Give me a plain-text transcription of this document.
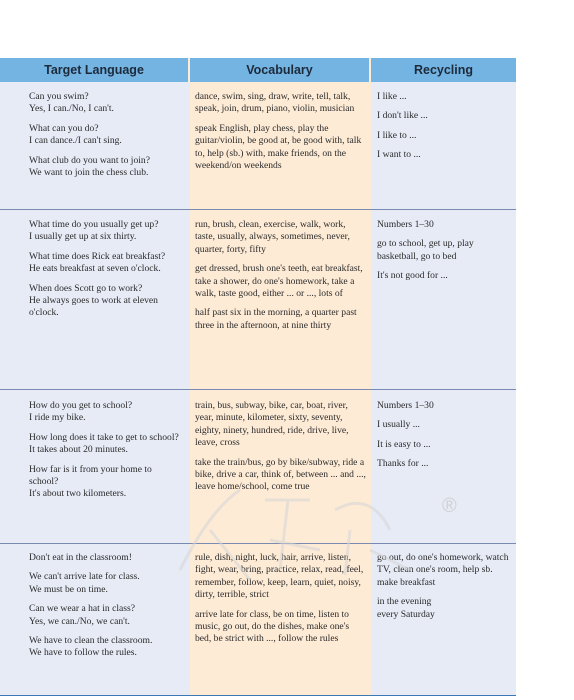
Target Language	Vocabulary	Recycling

Can you swim?
Yes, I can./No, I can't.

What can you do?
I can dance./I can't sing.

What club do you want to join?
We want to join the chess club.

dance, swim, sing, draw, write, tell, talk, speak, join, drum, piano, violin, musician

speak English, play chess, play the guitar/violin, be good at, be good with, talk to, help (sb.) with, make friends, on the weekend/on weekends

I like ...

I don't like ...

I like to ...

I want to ...

What time do you usually get up?
I usually get up at six thirty.

What time does Rick eat breakfast?
He eats breakfast at seven o'clock.

When does Scott go to work?
He always goes to work at eleven o'clock.

run, brush, clean, exercise, walk, work, taste, usually, always, sometimes, never, quarter, forty, fifty

get dressed, brush one's teeth, eat breakfast, take a shower, do one's homework, take a walk, taste good, either ... or ..., lots of

half past six in the morning, a quarter past three in the afternoon, at nine thirty

Numbers 1–30

go to school, get up, play basketball, go to bed

It's not good for ...

How do you get to school?
I ride my bike.

How long does it take to get to school?
It takes about 20 minutes.

How far is it from your home to school?
It's about two kilometers.

train, bus, subway, bike, car, boat, river, year, minute, kilometer, sixty, seventy, eighty, ninety, hundred, ride, drive, live, leave, cross

take the train/bus, go by bike/subway, ride a bike, drive a car, think of, between ... and ..., leave home/school, come true

Numbers 1–30

I usually ...

It is easy to ...

Thanks for ...

Don't eat in the classroom!

We can't arrive late for class.
We must be on time.

Can we wear a hat in class?
Yes, we can./No, we can't.

We have to clean the classroom.
We have to follow the rules.

rule, dish, night, luck, hair, arrive, listen, fight, wear, bring, practice, relax, read, feel, remember, follow, keep, learn, quiet, noisy, dirty, terrible, strict

arrive late for class, be on time, listen to music, go out, do the dishes, make one's bed, be strict with ..., follow the rules

go out, do one's homework, watch TV, clean one's room, help sb. make breakfast

in the evening
every Saturday

®
